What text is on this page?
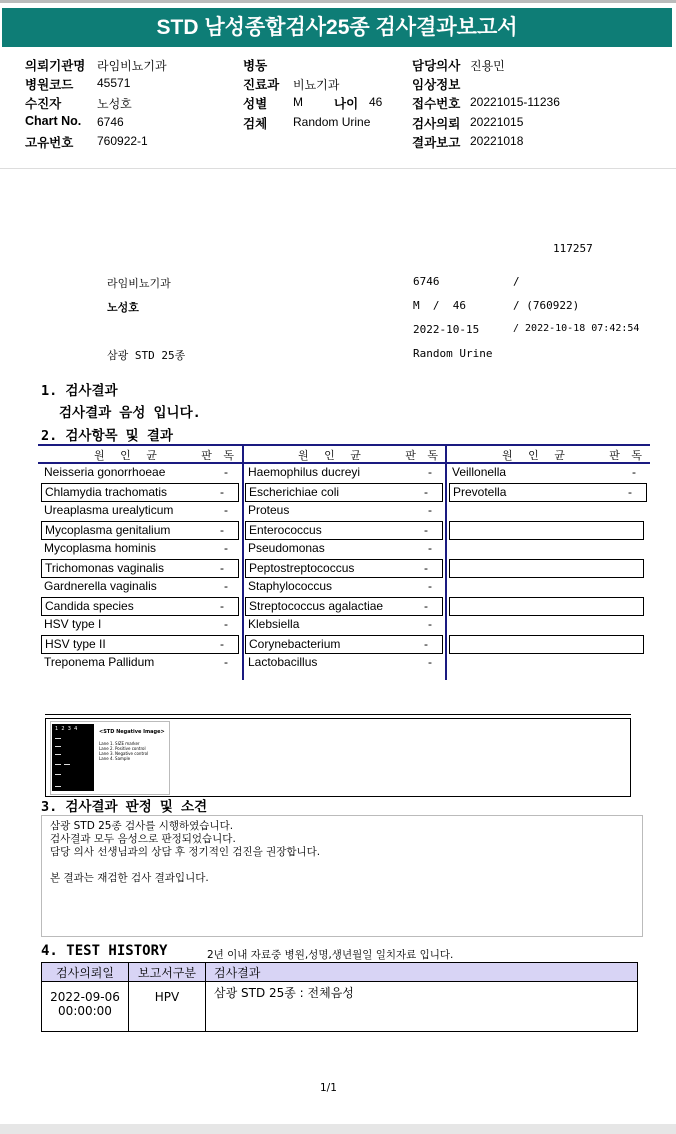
STD 남성종합검사25종 검사결과보고서
의뢰기관명 라임비뇨기과
병원코드 45571
수진자	노성호
Chart No. 6746
고유번호 760922-1
병동
진료과 비뇨기과
성별 M
검체 Random Urine
담당의사 진용민
임상정보
접수번호 20221015-11236
검사의뢰 20221015
결과보고 20221018
나이 46
117257
라임비뇨기과	6746	/
노성호	M  /  46	/ (760922)
2022-10-15	/ 2022-10-18 07:42:54
삼광 STD 25종	Random Urine
1. 검사결과
검사결과 음성 입니다.
2. 검사항목 및 결과
원 인 균	판 독
Neisseria gonorrhoeae	-
Chlamydia trachomatis	-
Ureaplasma urealyticum	-
Mycoplasma genitalium	-
Mycoplasma hominis	-
Trichomonas vaginalis	-
Gardnerella vaginalis	-
Candida species	-
HSV type I	-
HSV type II	-
Treponema Pallidum	-
원 인 균	판 독
Haemophilus ducreyi	-
Escherichiae coli	-
Proteus	-
Enterococcus	-
Pseudomonas	-
Peptostreptococcus	-
Staphylococcus	-
Streptococcus agalactiae	-
Klebsiella	-
Corynebacterium	-
Lactobacillus	-
원 인 균	판 독
Veillonella	-
Prevotella	-
1  2  3  4	<STD Negative Image>
Lane 1. SIZE marker
Lane 2. Positive control
Lane 3. Negative control
Lane 4. Sample
3. 검사결과 판정 및 소견
삼광 STD 25종 검사를 시행하였습니다.
검사결과 모두 음성으로 판정되었습니다.
담당 의사 선생님과의 상담 후 정기적인 검진을 권장합니다.
본 결과는 재검한 검사 결과입니다.
4. TEST HISTORY	2년 이내 자료중 병원,성명,생년월일 일치자료 입니다.
검사의뢰일	보고서구분	검사결과

2022-09-06
00:00:00	HPV	삼광 STD 25종 : 전체음성
1/1
